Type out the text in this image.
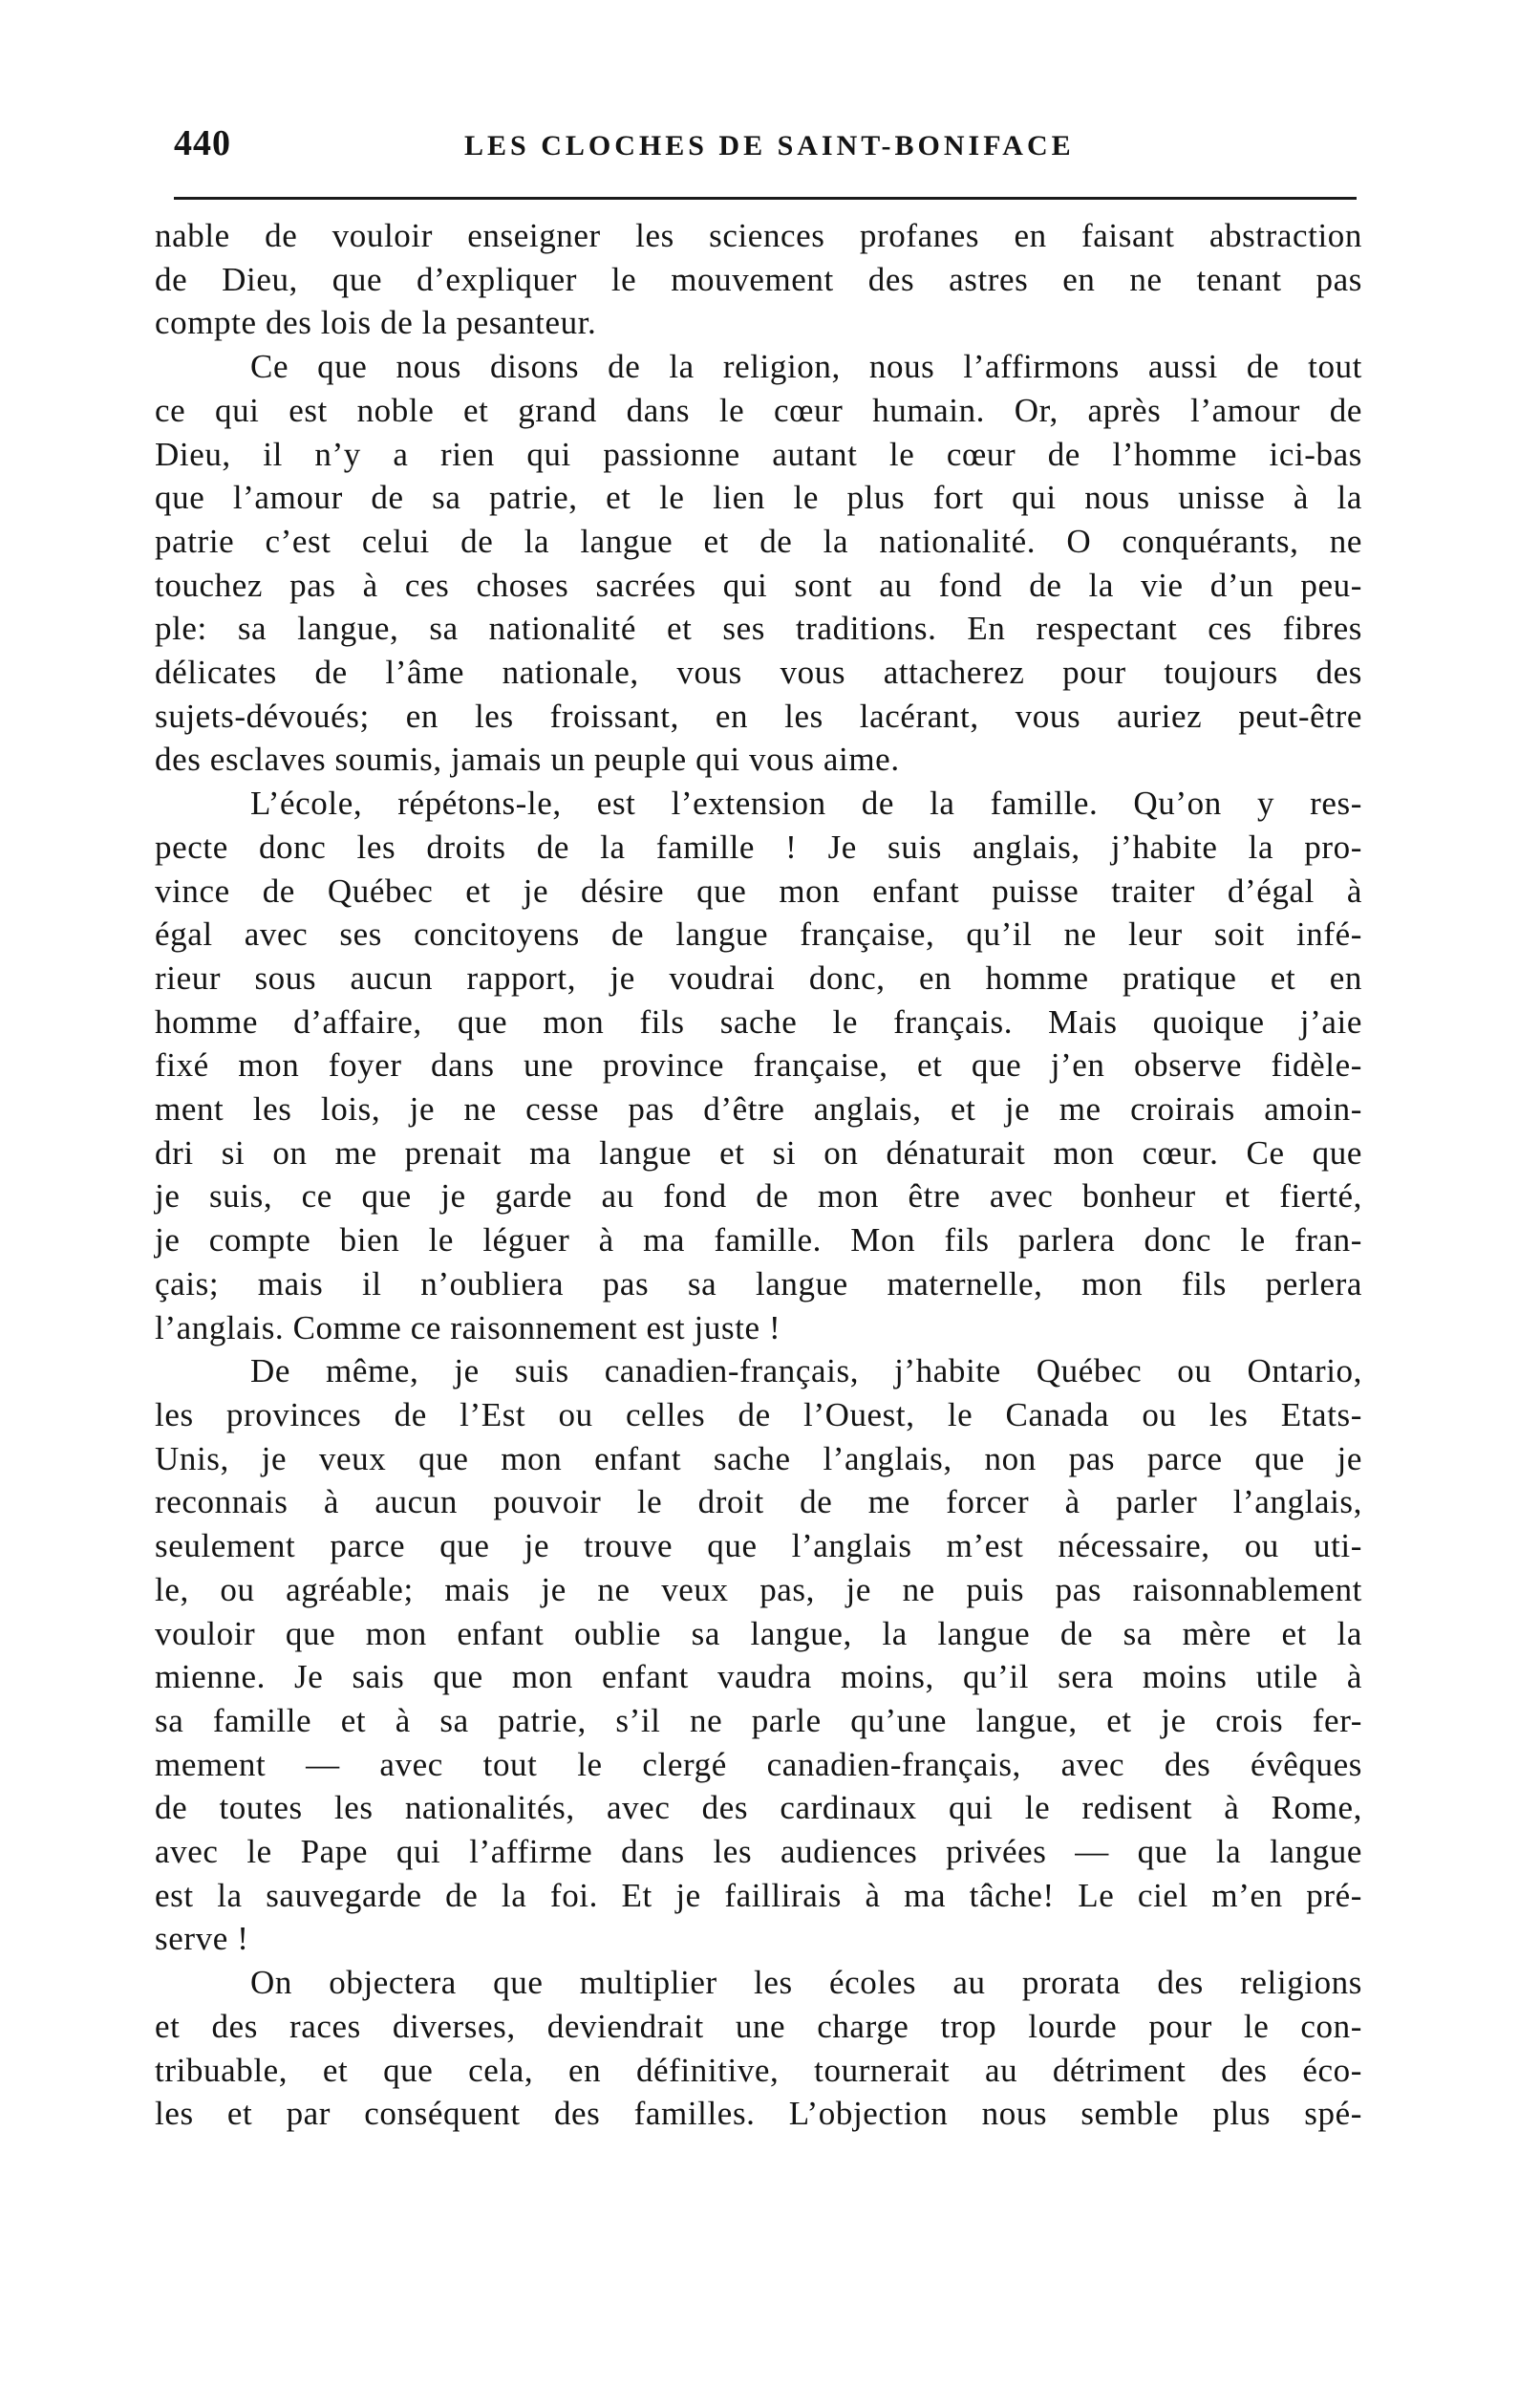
440	LES CLOCHES DE SAINT-BONIFACE
nable de vouloir enseigner les sciences profanes en faisant abstraction
de Dieu, que d’expliquer le mouvement des astres en ne tenant pas
compte des lois de la pesanteur.
Ce que nous disons de la religion, nous l’affirmons aussi de tout
ce qui est noble et grand dans le cœur humain. Or, après l’amour de
Dieu, il n’y a rien qui passionne autant le cœur de l’homme ici-bas
que l’amour de sa patrie, et le lien le plus fort qui nous unisse à la
patrie c’est celui de la langue et de la nationalité. O conquérants, ne
touchez pas à ces choses sacrées qui sont au fond de la vie d’un peu-
ple: sa langue, sa nationalité et ses traditions. En respectant ces fibres
délicates de l’âme nationale, vous vous attacherez pour toujours des
sujets-dévoués; en les froissant, en les lacérant, vous auriez peut-être
des esclaves soumis, jamais un peuple qui vous aime.
L’école, répétons-le, est l’extension de la famille. Qu’on y res-
pecte donc les droits de la famille ! Je suis anglais, j’habite la pro-
vince de Québec et je désire que mon enfant puisse traiter d’égal à
égal avec ses concitoyens de langue française, qu’il ne leur soit infé-
rieur sous aucun rapport, je voudrai donc, en homme pratique et en
homme d’affaire, que mon fils sache le français. Mais quoique j’aie
fixé mon foyer dans une province française, et que j’en observe fidèle-
ment les lois, je ne cesse pas d’être anglais, et je me croirais amoin-
dri si on me prenait ma langue et si on dénaturait mon cœur. Ce que
je suis, ce que je garde au fond de mon être avec bonheur et fierté,
je compte bien le léguer à ma famille. Mon fils parlera donc le fran-
çais; mais il n’oubliera pas sa langue maternelle, mon fils perlera
l’anglais. Comme ce raisonnement est juste !
De même, je suis canadien-français, j’habite Québec ou Ontario,
les provinces de l’Est ou celles de l’Ouest, le Canada ou les Etats-
Unis, je veux que mon enfant sache l’anglais, non pas parce que je
reconnais à aucun pouvoir le droit de me forcer à parler l’anglais,
seulement parce que je trouve que l’anglais m’est nécessaire, ou uti-
le, ou agréable; mais je ne veux pas, je ne puis pas raisonnablement
vouloir que mon enfant oublie sa langue, la langue de sa mère et la
mienne. Je sais que mon enfant vaudra moins, qu’il sera moins utile à
sa famille et à sa patrie, s’il ne parle qu’une langue, et je crois fer-
mement — avec tout le clergé canadien-français, avec des évêques
de toutes les nationalités, avec des cardinaux qui le redisent à Rome,
avec le Pape qui l’affirme dans les audiences privées — que la langue
est la sauvegarde de la foi. Et je faillirais à ma tâche! Le ciel m’en pré-
serve !
On objectera que multiplier les écoles au prorata des religions
et des races diverses, deviendrait une charge trop lourde pour le con-
tribuable, et que cela, en définitive, tournerait au détriment des éco-
les et par conséquent des familles. L’objection nous semble plus spé-
